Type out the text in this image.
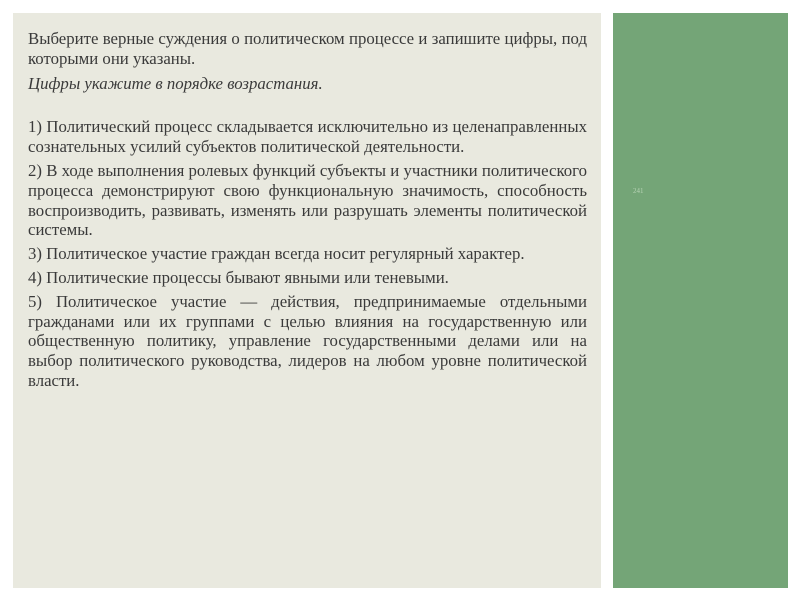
241

Выберите верные суждения о политическом процессе и запишите цифры, под которыми они указаны.

Цифры укажите в порядке возрастания.

1) Политический процесс складывается исключительно из целенаправленных сознательных усилий субъектов политической деятельности.

2) В ходе выполнения ролевых функций субъекты и участники политического процесса демонстрируют свою функциональную значимость, способность воспроизводить, развивать, изменять или разрушать элементы политической системы.

3) Политическое участие граждан всегда носит регулярный характер.

4) Политические процессы бывают явными или теневыми.

5) Политическое участие — действия, предпринимаемые отдельными гражданами или их группами с целью влияния на государственную или общественную политику, управление государственными делами или на выбор политического руководства, лидеров на любом уровне политической власти.
